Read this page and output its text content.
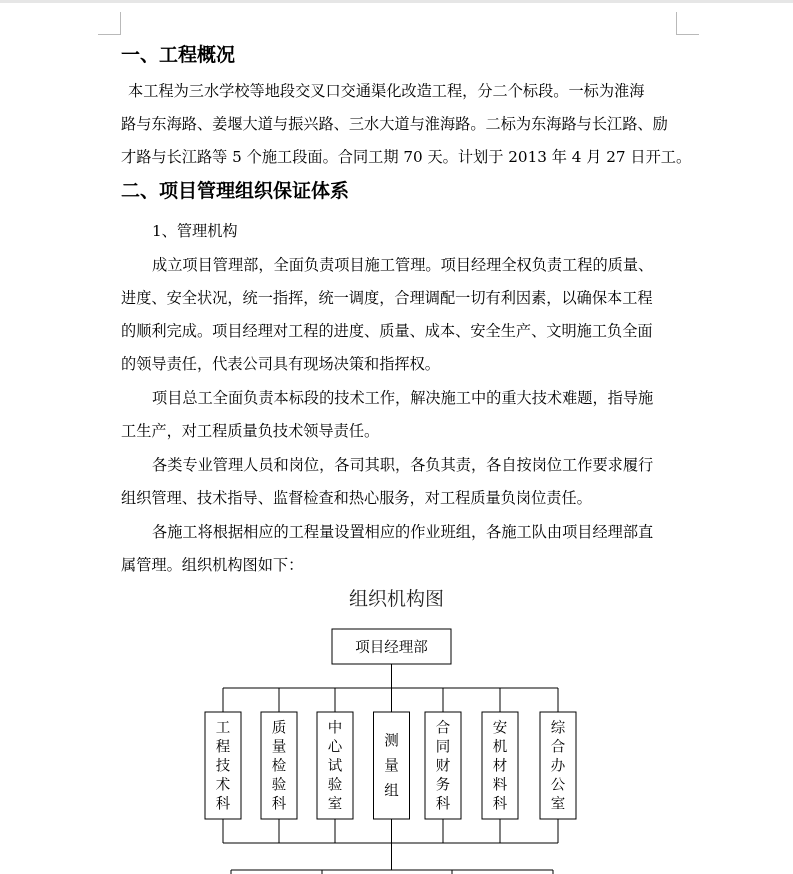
一、工程概况
本工程为三水学校等地段交叉口交通渠化改造工程，分二个标段。一标为淮海
路与东海路、姜堰大道与振兴路、三水大道与淮海路。二标为东海路与长江路、励
才路与长江路等 5 个施工段面。合同工期 70 天。计划于 2013 年 4 月 27 日开工。
二、项目管理组织保证体系
1、管理机构
成立项目管理部，全面负责项目施工管理。项目经理全权负责工程的质量、
进度、安全状况，统一指挥，统一调度，合理调配一切有利因素，以确保本工程
的顺利完成。项目经理对工程的进度、质量、成本、安全生产、文明施工负全面
的领导责任，代表公司具有现场决策和指挥权。
项目总工全面负责本标段的技术工作，解决施工中的重大技术难题，指导施
工生产，对工程质量负技术领导责任。
各类专业管理人员和岗位，各司其职，各负其责，各自按岗位工作要求履行
组织管理、技术指导、监督检查和热心服务，对工程质量负岗位责任。
各施工将根据相应的工程量设置相应的作业班组，各施工队由项目经理部直
属管理。组织机构图如下：
组织机构图
项目经理部
工程技术科
质量检验科
中心试验室
测量组
合同财务科
安机材料科
综合办公室
